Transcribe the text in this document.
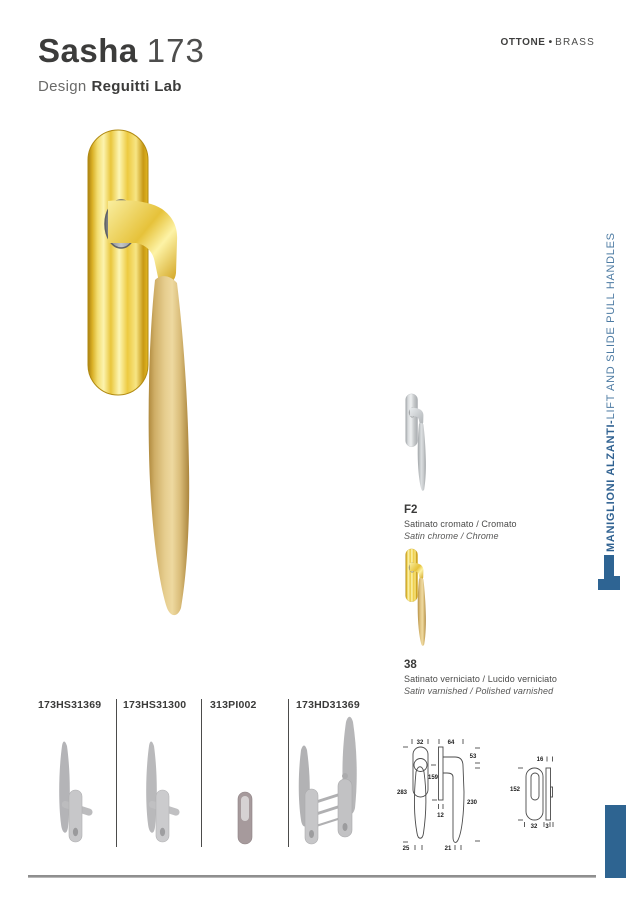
Sasha 173
Design Reguitti Lab
OTTONE • BRASS
MANIGLIONI ALZANTI-LIFT AND SLIDE PULL HANDLES
F2
Satinato cromato / Cromato
Satin chrome / Chrome
38
Satinato verniciato / Lucido verniciato
Satin varnished / Polished varnished
173HS31369 173HS31300 313PI002	173HD31369
32	64
53
159
283
230
12
25	21
16
152
32 3
